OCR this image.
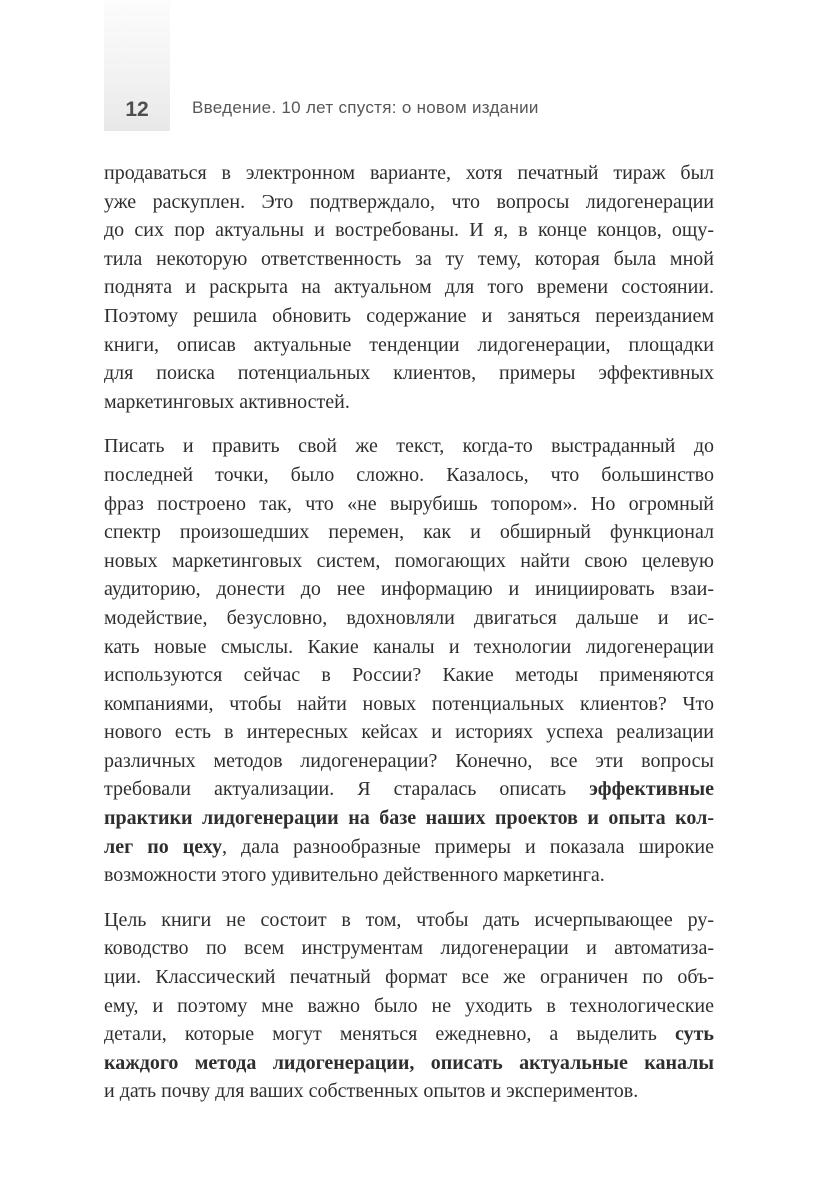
12	Введение. 10 лет спустя: о новом издании
продаваться в электронном варианте, хотя печатный тираж был
уже раскуплен. Это подтверждало, что вопросы лидогенерации
до сих пор актуальны и востребованы. И я, в конце концов, ощу-
тила некоторую ответственность за ту тему, которая была мной
поднята и раскрыта на актуальном для того времени состоянии.
Поэтому решила обновить содержание и заняться переизданием
книги, описав актуальные тенденции лидогенерации, площадки
для поиска потенциальных клиентов, примеры эффективных
маркетинговых активностей.
Писать и править свой же текст, когда-то выстраданный до
последней точки, было сложно. Казалось, что большинство
фраз построено так, что «не вырубишь топором». Но огромный
спектр произошедших перемен, как и обширный функционал
новых маркетинговых систем, помогающих найти свою целевую
аудиторию, донести до нее информацию и инициировать взаи-
модействие, безусловно, вдохновляли двигаться дальше и ис-
кать новые смыслы. Какие каналы и технологии лидогенерации
используются сейчас в России? Какие методы применяются
компаниями, чтобы найти новых потенциальных клиентов? Что
нового есть в интересных кейсах и историях успеха реализации
различных методов лидогенерации? Конечно, все эти вопросы
требовали актуализации. Я старалась описать эффективные
практики лидогенерации на базе наших проектов и опыта кол-
лег по цеху, дала разнообразные примеры и показала широкие
возможности этого удивительно действенного маркетинга.
Цель книги не состоит в том, чтобы дать исчерпывающее ру-
ководство по всем инструментам лидогенерации и автоматиза-
ции. Классический печатный формат все же ограничен по объ-
ему, и поэтому мне важно было не уходить в технологические
детали, которые могут меняться ежедневно, а выделить суть
каждого метода лидогенерации, описать актуальные каналы
и дать почву для ваших собственных опытов и экспериментов.
